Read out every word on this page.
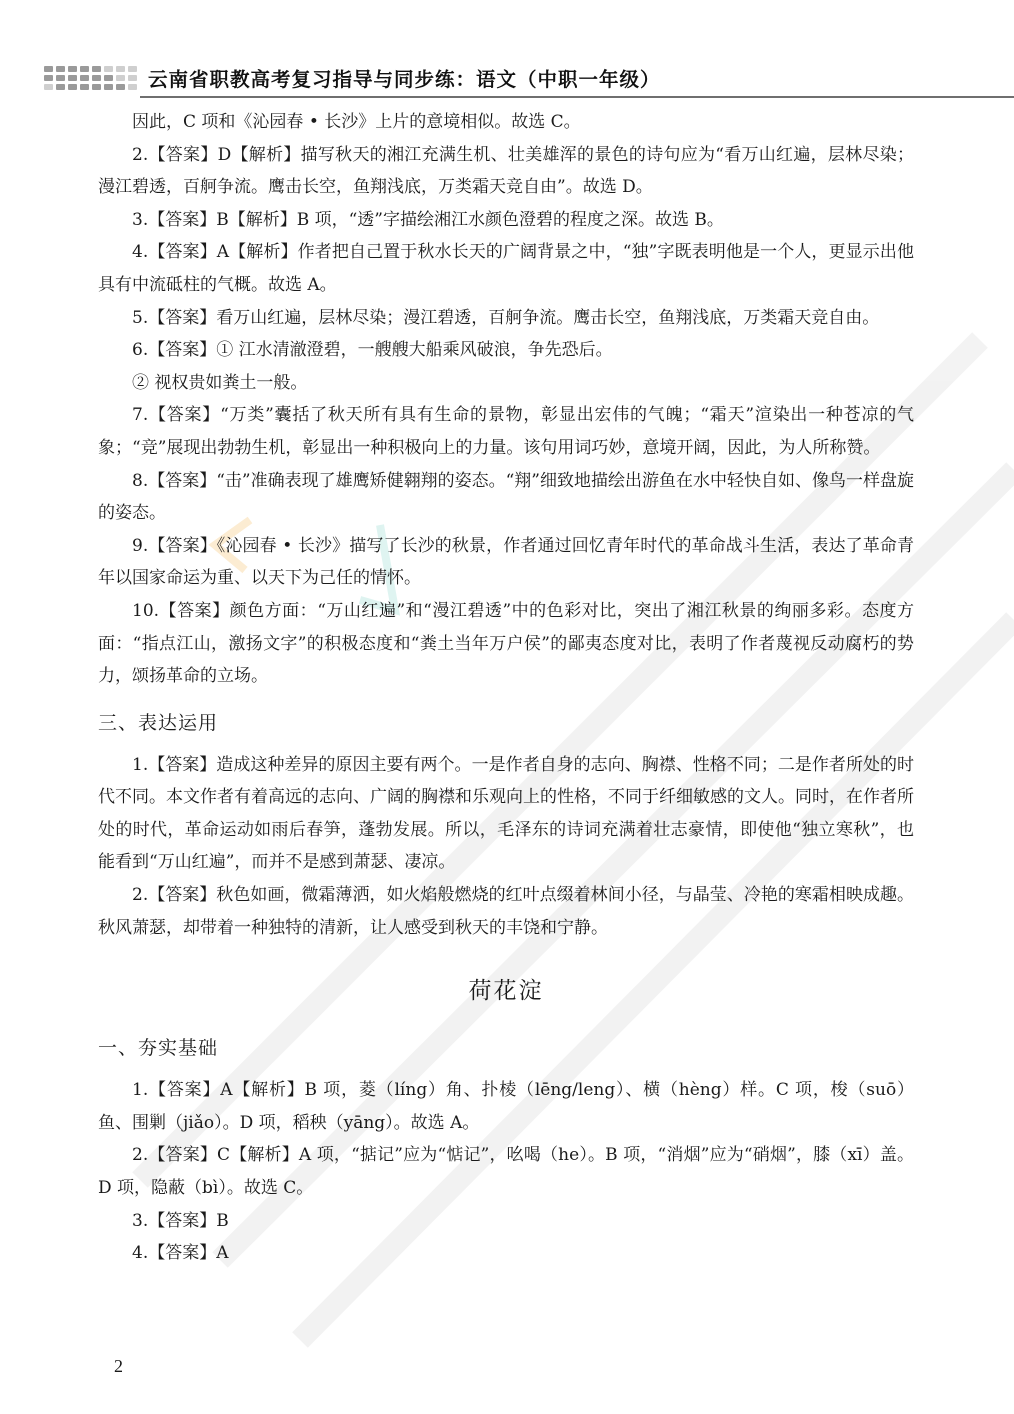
云南省职教高考复习指导与同步练：语文（中职一年级）
因此，C 项和《沁园春 • 长沙》上片的意境相似。故选 C。
2.【答案】D【解析】描写秋天的湘江充满生机、壮美雄浑的景色的诗句应为“看万山红遍，层林尽染；漫江碧透，百舸争流。鹰击长空，鱼翔浅底，万类霜天竞自由”。故选 D。
3.【答案】B【解析】B 项，“透”字描绘湘江水颜色澄碧的程度之深。故选 B。
4.【答案】A【解析】作者把自己置于秋水长天的广阔背景之中，“独”字既表明他是一个人，更显示出他具有中流砥柱的气概。故选 A。
5.【答案】看万山红遍，层林尽染；漫江碧透，百舸争流。鹰击长空，鱼翔浅底，万类霜天竞自由。
6.【答案】① 江水清澈澄碧，一艘艘大船乘风破浪，争先恐后。
② 视权贵如粪土一般。
7.【答案】“万类”囊括了秋天所有具有生命的景物，彰显出宏伟的气魄；“霜天”渲染出一种苍凉的气象；“竞”展现出勃勃生机，彰显出一种积极向上的力量。该句用词巧妙，意境开阔，因此，为人所称赞。
8.【答案】“击”准确表现了雄鹰矫健翱翔的姿态。“翔”细致地描绘出游鱼在水中轻快自如、像鸟一样盘旋的姿态。
9.【答案】《沁园春 • 长沙》描写了长沙的秋景，作者通过回忆青年时代的革命战斗生活，表达了革命青年以国家命运为重、以天下为己任的情怀。
10.【答案】颜色方面：“万山红遍”和“漫江碧透”中的色彩对比，突出了湘江秋景的绚丽多彩。态度方面：“指点江山，激扬文字”的积极态度和“粪土当年万户侯”的鄙夷态度对比，表明了作者蔑视反动腐朽的势力，颂扬革命的立场。
三、表达运用
1.【答案】造成这种差异的原因主要有两个。一是作者自身的志向、胸襟、性格不同；二是作者所处的时代不同。本文作者有着高远的志向、广阔的胸襟和乐观向上的性格，不同于纤细敏感的文人。同时，在作者所处的时代，革命运动如雨后春笋，蓬勃发展。所以，毛泽东的诗词充满着壮志豪情，即使他“独立寒秋”，也能看到“万山红遍”，而并不是感到萧瑟、凄凉。
2.【答案】秋色如画，微霜薄洒，如火焰般燃烧的红叶点缀着林间小径，与晶莹、冷艳的寒霜相映成趣。秋风萧瑟，却带着一种独特的清新，让人感受到秋天的丰饶和宁静。
荷花淀
一、夯实基础
1.【答案】A【解析】B 项，菱（líng）角、扑棱（lēng/leng）、横（hèng）样。C 项，梭（suō）鱼、围剿（jiǎo）。D 项，稻秧（yāng）。故选 A。
2.【答案】C【解析】A 项，“掂记”应为“惦记”，吆喝（he）。B 项，“消烟”应为“硝烟”，膝（xī）盖。D 项，隐蔽（bì）。故选 C。
3.【答案】B
4.【答案】A
2
